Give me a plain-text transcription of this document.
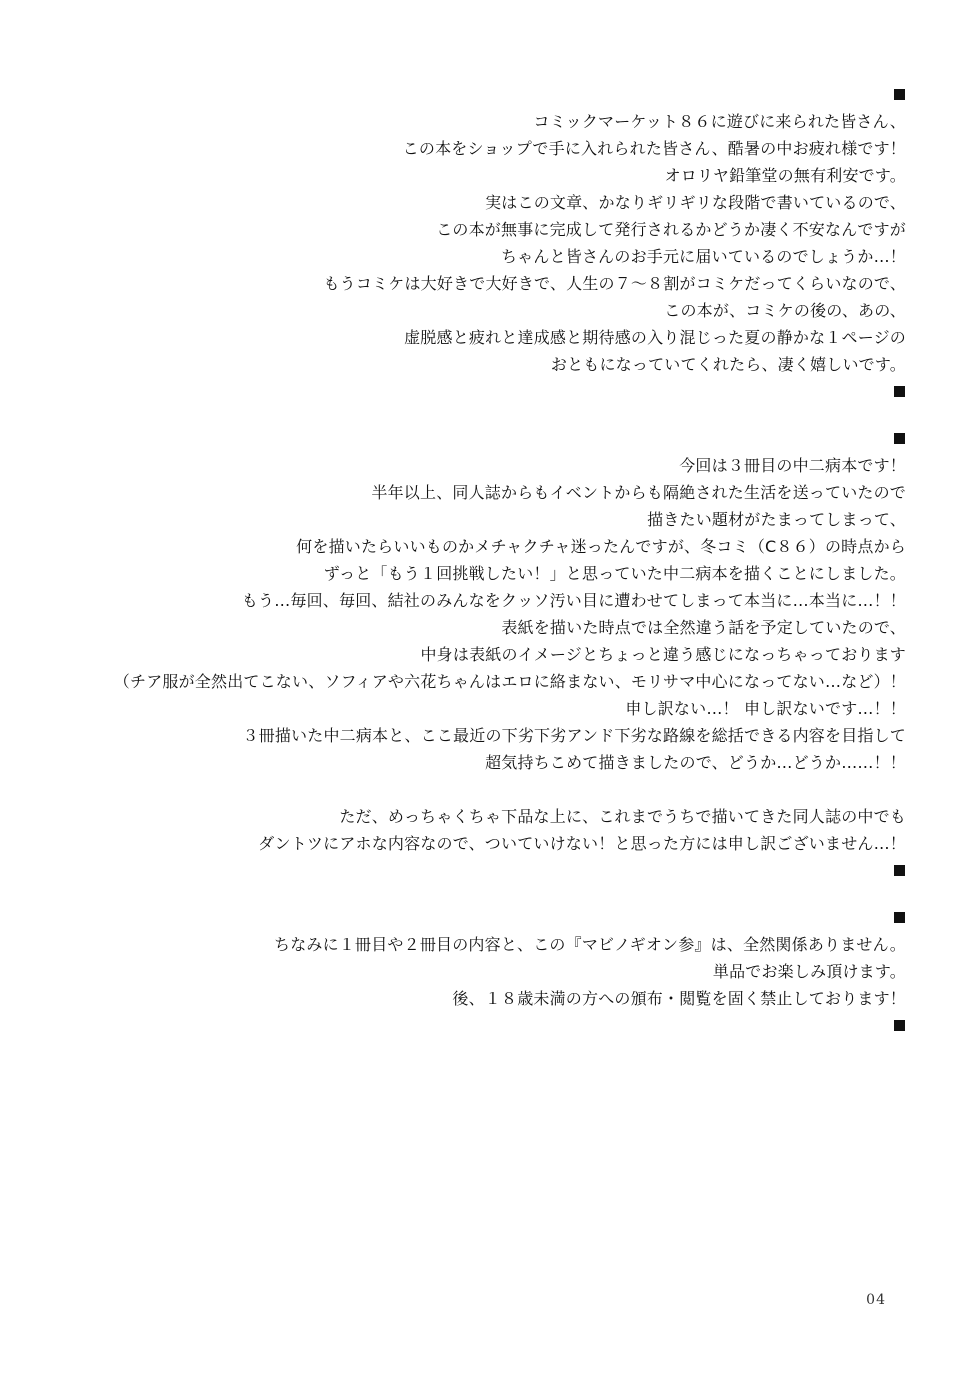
コミックマーケット８６に遊びに来られた皆さん、
この本をショップで手に入れられた皆さん、酷暑の中お疲れ様です！
オロリヤ鉛筆堂の無有利安です。
実はこの文章、かなりギリギリな段階で書いているので、
この本が無事に完成して発行されるかどうか凄く不安なんですが
ちゃんと皆さんのお手元に届いているのでしょうか…！
もうコミケは大好きで大好きで、人生の７〜８割がコミケだってくらいなので、
この本が、コミケの後の、あの、
虚脱感と疲れと達成感と期待感の入り混じった夏の静かな１ページの
おともになっていてくれたら、凄く嬉しいです。
今回は３冊目の中二病本です！
半年以上、同人誌からもイベントからも隔絶された生活を送っていたので
描きたい題材がたまってしまって、
何を描いたらいいものかメチャクチャ迷ったんですが、冬コミ（C８６）の時点から
ずっと「もう１回挑戦したい！」と思っていた中二病本を描くことにしました。
もう…毎回、毎回、結社のみんなをクッソ汚い目に遭わせてしまって本当に…本当に…！！
表紙を描いた時点では全然違う話を予定していたので、
中身は表紙のイメージとちょっと違う感じになっちゃっております
（チア服が全然出てこない、ソフィアや六花ちゃんはエロに絡まない、モリサマ中心になってない…など）！
申し訳ない…！ 申し訳ないです…！！
３冊描いた中二病本と、ここ最近の下劣下劣アンド下劣な路線を総括できる内容を目指して
超気持ちこめて描きましたので、どうか…どうか……！！
ただ、めっちゃくちゃ下品な上に、これまでうちで描いてきた同人誌の中でも
ダントツにアホな内容なので、ついていけない！と思った方には申し訳ございません…！
ちなみに１冊目や２冊目の内容と、この『マビノギオン参』は、全然関係ありません。
単品でお楽しみ頂けます。
後、１８歳未満の方への頒布・閲覧を固く禁止しております！
04
